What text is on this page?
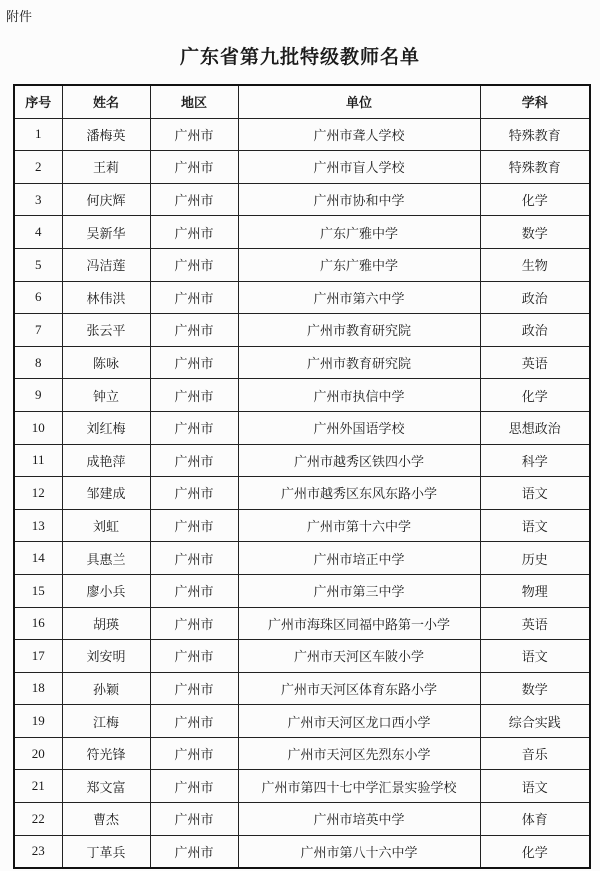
附件
广东省第九批特级教师名单
序号	姓名	地区	单位	学科
1	潘梅英	广州市	广州市聋人学校	特殊教育
2	王莉	广州市	广州市盲人学校	特殊教育
3	何庆辉	广州市	广州市协和中学	化学
4	吴新华	广州市	广东广雅中学	数学
5	冯洁莲	广州市	广东广雅中学	生物
6	林伟洪	广州市	广州市第六中学	政治
7	张云平	广州市	广州市教育研究院	政治
8	陈咏	广州市	广州市教育研究院	英语
9	钟立	广州市	广州市执信中学	化学
10	刘红梅	广州市	广州外国语学校	思想政治
11	成艳萍	广州市	广州市越秀区铁四小学	科学
12	邹建成	广州市	广州市越秀区东风东路小学	语文
13	刘虹	广州市	广州市第十六中学	语文
14	具惠兰	广州市	广州市培正中学	历史
15	廖小兵	广州市	广州市第三中学	物理
16	胡瑛	广州市	广州市海珠区同福中路第一小学	英语
17	刘安明	广州市	广州市天河区车陂小学	语文
18	孙颖	广州市	广州市天河区体育东路小学	数学
19	江梅	广州市	广州市天河区龙口西小学	综合实践
20	符光锋	广州市	广州市天河区先烈东小学	音乐
21	郑文富	广州市	广州市第四十七中学汇景实验学校	语文
22	曹杰	广州市	广州市培英中学	体育
23	丁革兵	广州市	广州市第八十六中学	化学
